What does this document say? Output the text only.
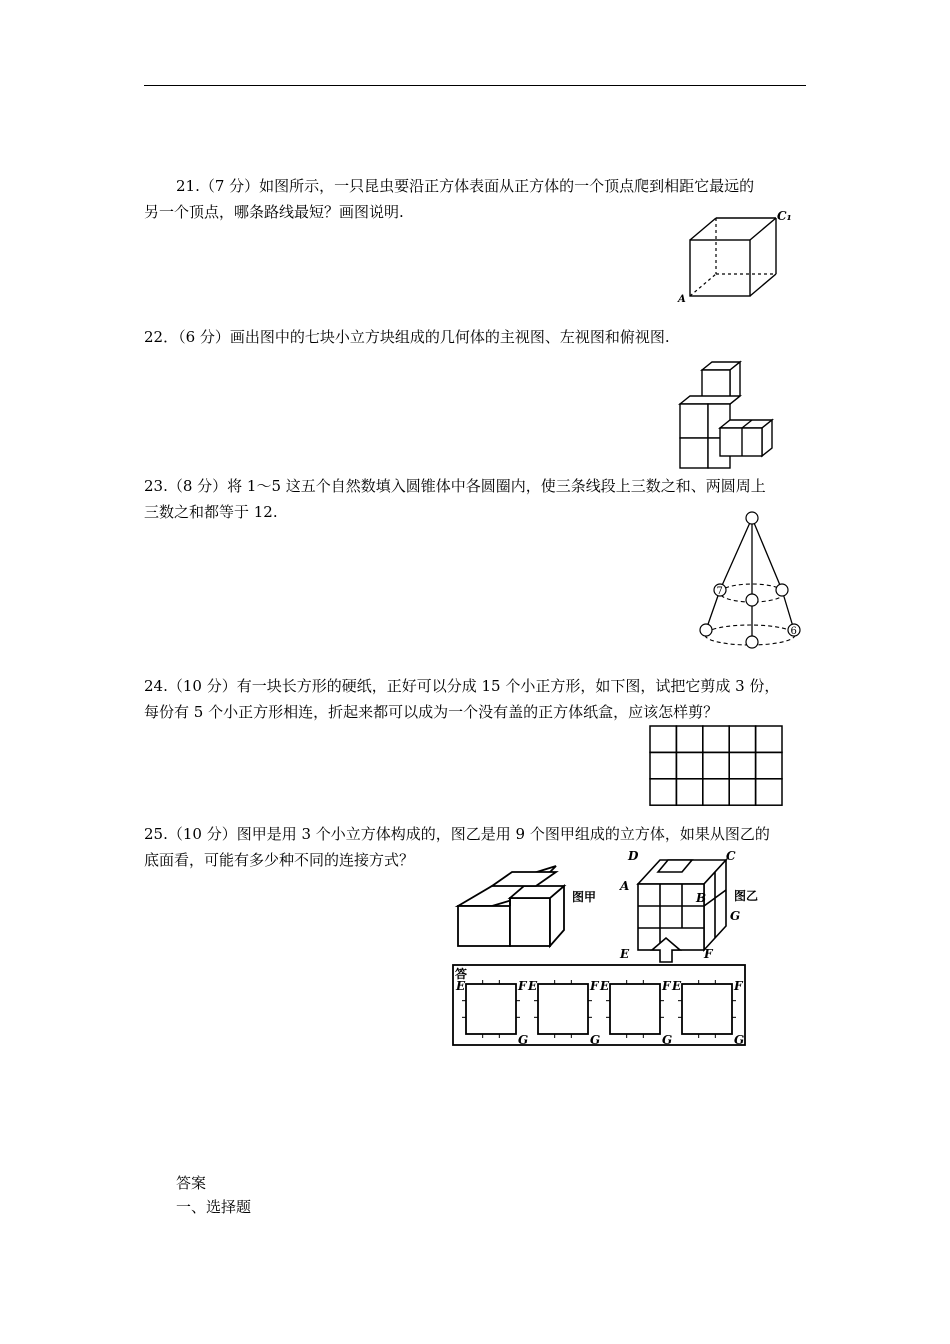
21.（7 分）如图所示，一只昆虫要沿正方体表面从正方体的一个顶点爬到相距它最远的
另一个顶点，哪条路线最短？画图说明.	C₁
A
22．（6 分）画出图中的七块小立方块组成的几何体的主视图、左视图和俯视图.
23.（8 分）将 1～5 这五个自然数填入圆锥体中各圆圈内，使三条线段上三数之和、两圆周上
三数之和都等于 12.
7
6
24.（10 分）有一块长方形的硬纸，正好可以分成 15 个小正方形，如下图，试把它剪成 3 份，
每份有 5 个小正方形相连，折起来都可以成为一个没有盖的正方体纸盒，应该怎样剪？
25.（10 分）图甲是用 3 个小立方体构成的，图乙是用 9 个图甲组成的立方体，如果从图乙的
底面看，可能有多少种不同的连接方式？
图甲
D	C
A
B
G
E	F
图乙
答
E	F
G
E	F
G
E	F
G
E	F
G
答案
一、选择题
